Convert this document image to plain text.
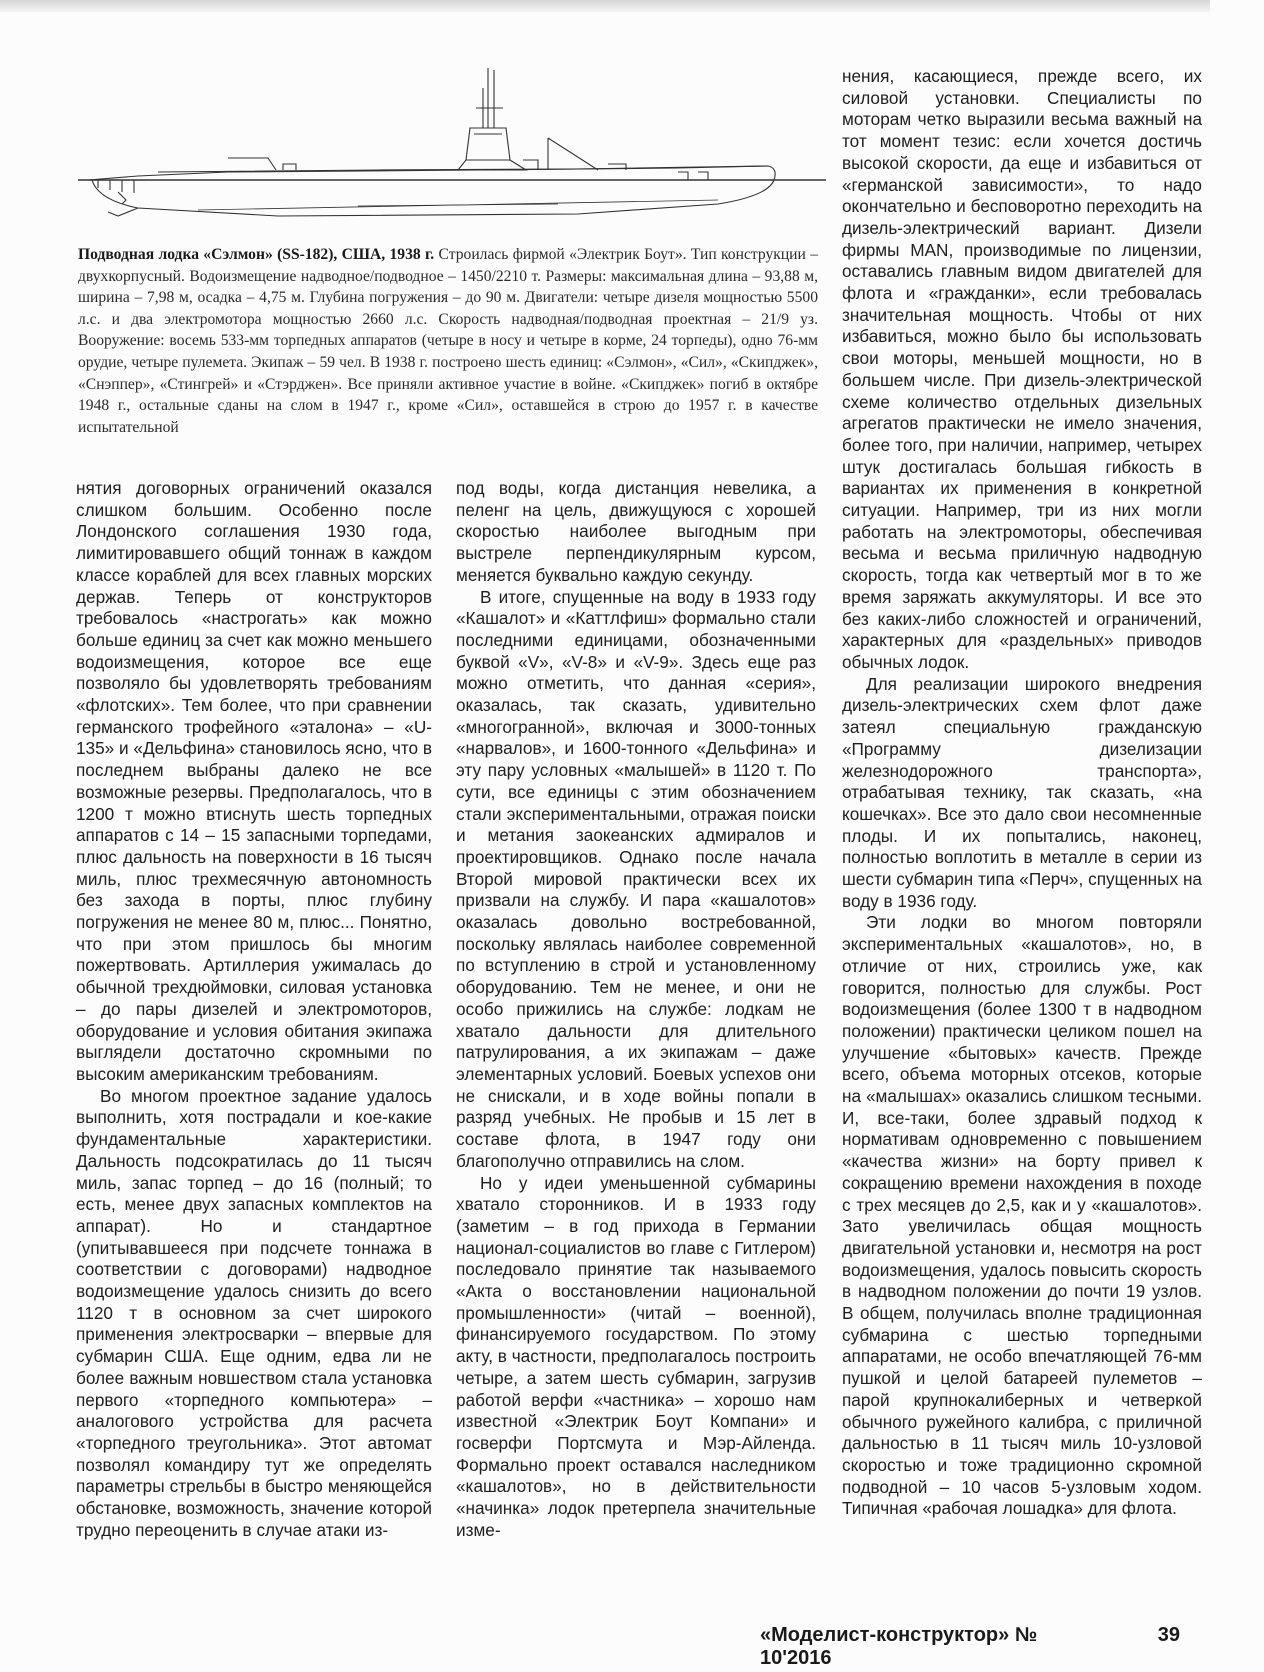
Подводная лодка «Сэлмон» (SS-182), США, 1938 г. Строилась фирмой «Электрик Боут». Тип конструкции – двухкорпусный. Водоизмещение надводное/подводное – 1450/2210 т. Размеры: максимальная длина – 93,88 м, ширина – 7,98 м, осадка – 4,75 м. Глубина погружения – до 90 м. Двигатели: четыре дизеля мощностью 5500 л.с. и два электромотора мощностью 2660 л.с. Скорость надводная/подводная проектная – 21/9 уз. Вооружение: восемь 533-мм торпедных аппаратов (четыре в носу и четыре в корме, 24 торпеды), одно 76-мм орудие, четыре пулемета. Экипаж – 59 чел. В 1938 г. построено шесть единиц: «Сэлмон», «Сил», «Скипджек», «Снэппер», «Стингрей» и «Стэрджен». Все приняли активное участие в войне. «Скипджек» погиб в октябре 1948 г., остальные сданы на слом в 1947 г., кроме «Сил», оставшейся в строю до 1957 г. в качестве испытательной

нятия договорных ограничений оказался слишком большим. Особенно после Лондонского соглашения 1930 года, лимитировавшего общий тоннаж в каждом классе кораблей для всех главных морских держав. Теперь от конструкторов требовалось «настрогать» как можно больше единиц за счет как можно меньшего водоизмещения, которое все еще позволяло бы удовлетворять требованиям «флотских». Тем более, что при сравнении германского трофейного «эталона» – «U-135» и «Дельфина» становилось ясно, что в последнем выбраны далеко не все возможные резервы. Предполагалось, что в 1200 т можно втиснуть шесть торпедных аппаратов с 14 – 15 запасными торпедами, плюс дальность на поверхности в 16 тысяч миль, плюс трехмесячную автономность без захода в порты, плюс глубину погружения не менее 80 м, плюс... Понятно, что при этом пришлось бы многим пожертвовать. Артиллерия ужималась до обычной трехдюймовки, силовая установка – до пары дизелей и электромоторов, оборудование и условия обитания экипажа выглядели достаточно скромными по высоким американским требованиям.

Во многом проектное задание удалось выполнить, хотя пострадали и кое-какие фундаментальные характеристики. Дальность подсократилась до 11 тысяч миль, запас торпед – до 16 (полный; то есть, менее двух запасных комплектов на аппарат). Но и стандартное (упитывавшееся при подсчете тоннажа в соответствии с договорами) надводное водоизмещение удалось снизить до всего 1120 т в основном за счет широкого применения электросварки – впервые для субмарин США. Еще одним, едва ли не более важным новшеством стала установка первого «торпедного компьютера» – аналогового устройства для расчета «торпедного треугольника». Этот автомат позволял командиру тут же определять параметры стрельбы в быстро меняющейся обстановке, возможность, значение которой трудно переоценить в случае атаки из-

под воды, когда дистанция невелика, а пеленг на цель, движущуюся с хорошей скоростью наиболее выгодным при выстреле перпендикулярным курсом, меняется буквально каждую секунду.

В итоге, спущенные на воду в 1933 году «Кашалот» и «Каттлфиш» формально стали последними единицами, обозначенными буквой «V», «V-8» и «V-9». Здесь еще раз можно отметить, что данная «серия», оказалась, так сказать, удивительно «многогранной», включая и 3000-тонных «нарвалов», и 1600-тонного «Дельфина» и эту пару условных «малышей» в 1120 т. По сути, все единицы с этим обозначением стали экспериментальными, отражая поиски и метания заокеанских адмиралов и проектировщиков. Однако после начала Второй мировой практически всех их призвали на службу. И пара «кашалотов» оказалась довольно востребованной, поскольку являлась наиболее современной по вступлению в строй и установленному оборудованию. Тем не менее, и они не особо прижились на службе: лодкам не хватало дальности для длительного патрулирования, а их экипажам – даже элементарных условий. Боевых успехов они не снискали, и в ходе войны попали в разряд учебных. Не пробыв и 15 лет в составе флота, в 1947 году они благополучно отправились на слом.

Но у идеи уменьшенной субмарины хватало сторонников. И в 1933 году (заметим – в год прихода в Германии национал-социалистов во главе с Гитлером) последовало принятие так называемого «Акта о восстановлении национальной промышленности» (читай – военной), финансируемого государством. По этому акту, в частности, предполагалось построить четыре, а затем шесть субмарин, загрузив работой верфи «частника» – хорошо нам известной «Электрик Боут Компани» и госверфи Портсмута и Мэр-Айленда. Формально проект оставался наследником «кашалотов», но в действительности «начинка» лодок претерпела значительные изме-

нения, касающиеся, прежде всего, их силовой установки. Специалисты по моторам четко выразили весьма важный на тот момент тезис: если хочется достичь высокой скорости, да еще и избавиться от «германской зависимости», то надо окончательно и бесповоротно переходить на дизель-электрический вариант. Дизели фирмы MAN, производимые по лицензии, оставались главным видом двигателей для флота и «гражданки», если требовалась значительная мощность. Чтобы от них избавиться, можно было бы использовать свои моторы, меньшей мощности, но в большем числе. При дизель-электрической схеме количество отдельных дизельных агрегатов практически не имело значения, более того, при наличии, например, четырех штук достигалась большая гибкость в вариантах их применения в конкретной ситуации. Например, три из них могли работать на электромоторы, обеспечивая весьма и весьма приличную надводную скорость, тогда как четвертый мог в то же время заряжать аккумуляторы. И все это без каких-либо сложностей и ограничений, характерных для «раздельных» приводов обычных лодок.

Для реализации широкого внедрения дизель-электрических схем флот даже затеял специальную гражданскую «Программу дизелизации железнодорожного транспорта», отрабатывая технику, так сказать, «на кошечках». Все это дало свои несомненные плоды. И их попытались, наконец, полностью воплотить в металле в серии из шести субмарин типа «Перч», спущенных на воду в 1936 году.

Эти лодки во многом повторяли экспериментальных «кашалотов», но, в отличие от них, строились уже, как говорится, полностью для службы. Рост водоизмещения (более 1300 т в надводном положении) практически целиком пошел на улучшение «бытовых» качеств. Прежде всего, объема моторных отсеков, которые на «малышах» оказались слишком тесными. И, все-таки, более здравый подход к нормативам одновременно с повышением «качества жизни» на борту привел к сокращению времени нахождения в походе с трех месяцев до 2,5, как и у «кашалотов». Зато увеличилась общая мощность двигательной установки и, несмотря на рост водоизмещения, удалось повысить скорость в надводном положении до почти 19 узлов. В общем, получилась вполне традиционная субмарина с шестью торпедными аппаратами, не особо впечатляющей 76-мм пушкой и целой батареей пулеметов – парой крупнокалиберных и четверкой обычного ружейного калибра, с приличной дальностью в 11 тысяч миль 10-узловой скоростью и тоже традиционно скромной подводной – 10 часов 5-узловым ходом. Типичная «рабочая лошадка» для флота.

«Моделист-конструктор» № 10'2016
39
